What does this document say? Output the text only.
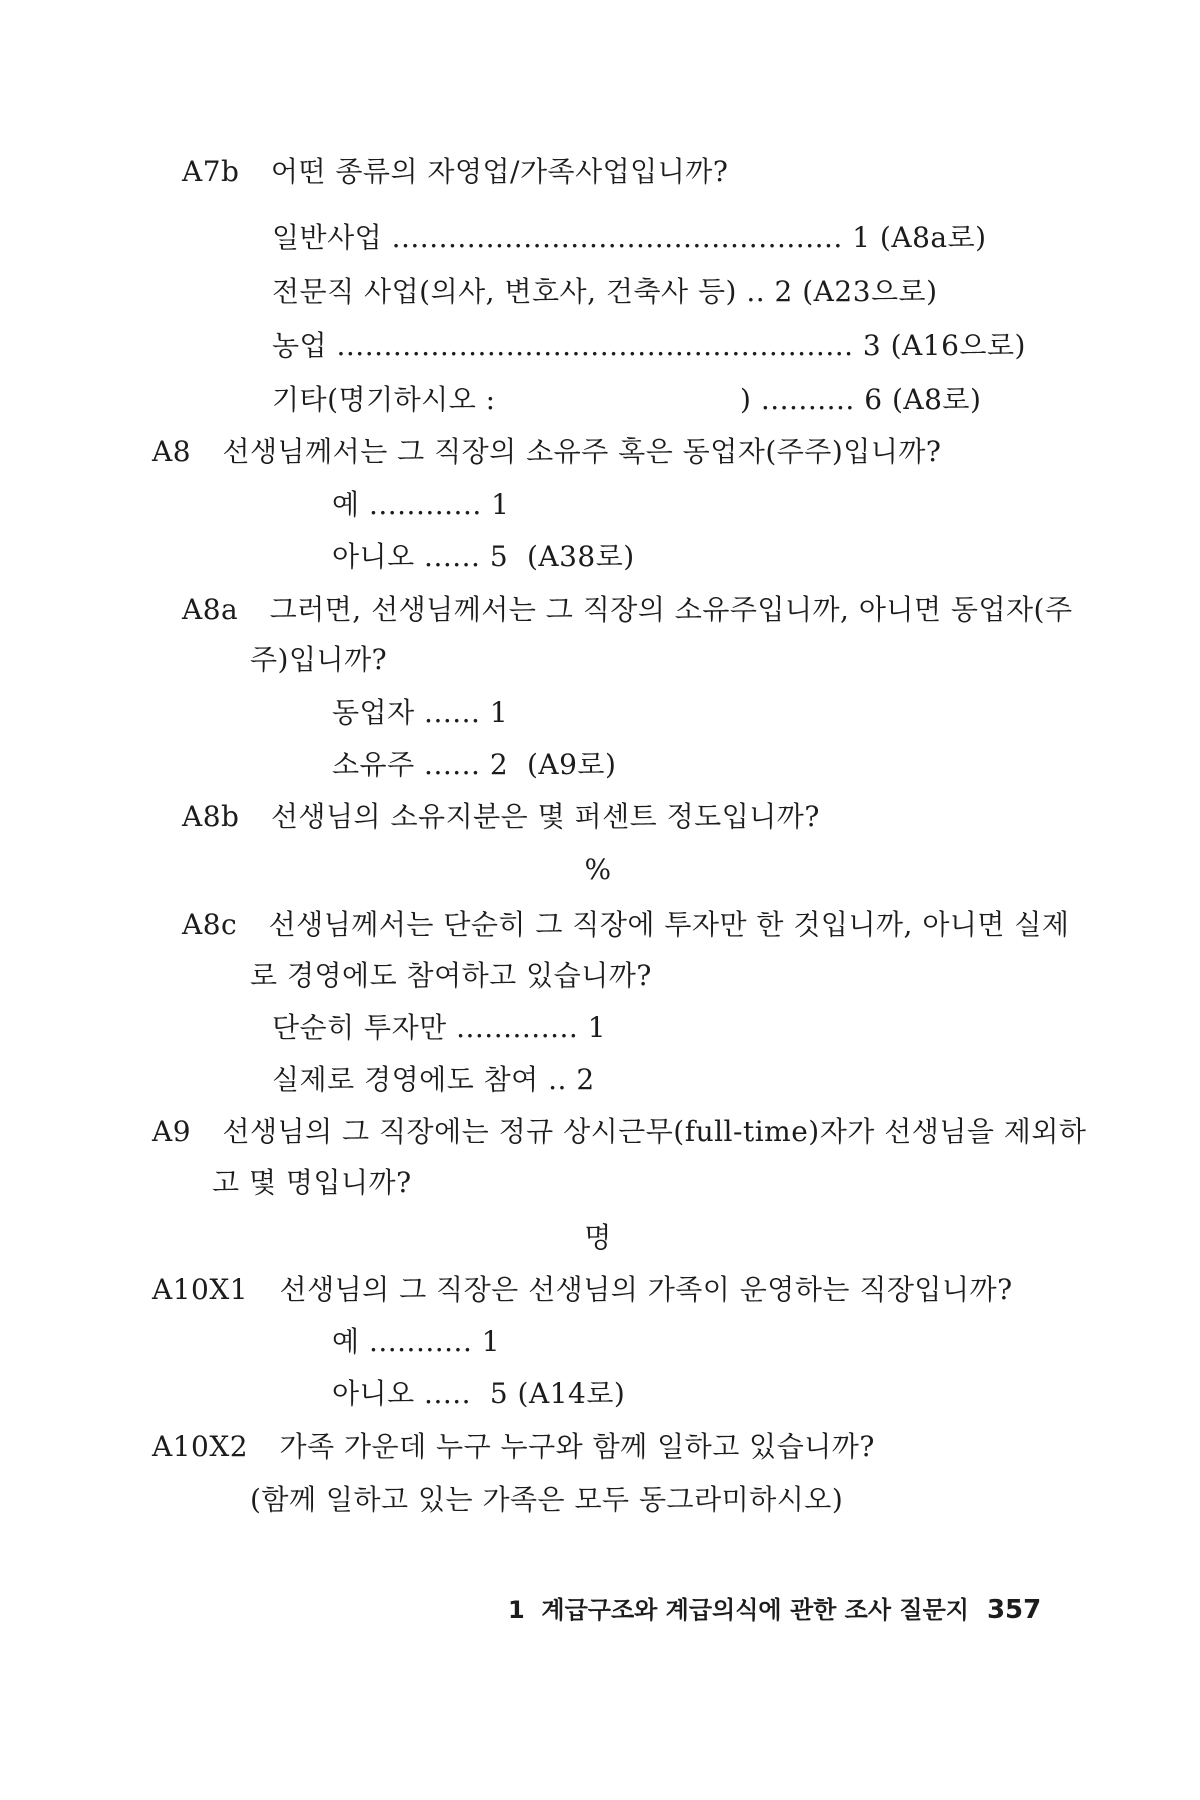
A7b 어떤 종류의 자영업/가족사업입니까?
일반사업 ................................................ 1 (A8a로)
전문직 사업(의사, 변호사, 건축사 등) .. 2 (A23으로)
농업 ....................................................... 3 (A16으로)
기타(명기하시오 :                          ) .......... 6 (A8로)
A8 선생님께서는 그 직장의 소유주 혹은 동업자(주주)입니까?
예 ............ 1
아니오 ...... 5  (A38로)
A8a 그러면, 선생님께서는 그 직장의 소유주입니까, 아니면 동업자(주
주)입니까?
동업자 ...... 1
소유주 ...... 2  (A9로)
A8b 선생님의 소유지분은 몇 퍼센트 정도입니까?
%
A8c 선생님께서는 단순히 그 직장에 투자만 한 것입니까, 아니면 실제
로 경영에도 참여하고 있습니까?
단순히 투자만 ............. 1
실제로 경영에도 참여 .. 2
A9 선생님의 그 직장에는 정규 상시근무(full-time)자가 선생님을 제외하
고 몇 명입니까?
명
A10X1 선생님의 그 직장은 선생님의 가족이 운영하는 직장입니까?
예 ........... 1
아니오 .....  5 (A14로)
A10X2 가족 가운데 누구 누구와 함께 일하고 있습니까?
(함께 일하고 있는 가족은 모두 동그라미하시오)
1  계급구조와 계급의식에 관한 조사 질문지 357
